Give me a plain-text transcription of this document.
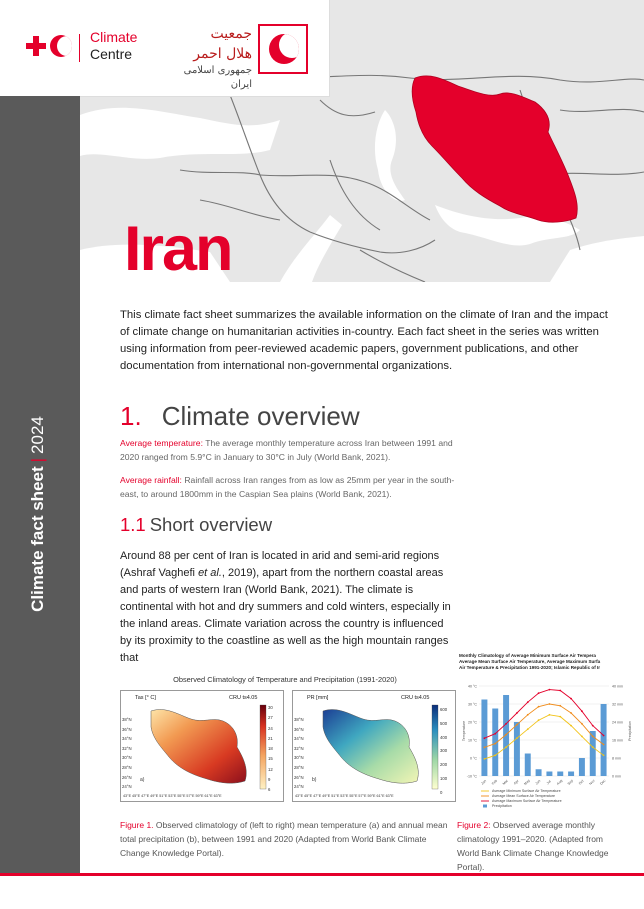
Climate
Centre
جمعیت هلال احمر
جمهوری اسلامی ایران
Iran
Climate fact sheet|2024
This climate fact sheet summarizes the available information on the climate of Iran and the impact of climate change on humanitarian activities in-country. Each fact sheet in the series was written using information from peer-reviewed academic papers, government publications, and other documentation from international non-governmental organizations.
1. Climate overview
Average temperature: The average monthly temperature across Iran between 1991 and 2020 ranged from 5.9°C in January to 30°C in July (World Bank, 2021).
Average rainfall: Rainfall across Iran ranges from as low as 25mm per year in the south-east, to around 1800mm in the Caspian Sea plains (World Bank, 2021).
1.1 Short overview
Around 88 per cent of Iran is located in arid and semi-arid regions (Ashraf Vaghefi et al., 2019), apart from the northern coastal areas and parts of western Iran (World Bank, 2021). The climate is continental with hot and dry summers and cold winters, especially in the inland areas. Climate variation across the country is influenced by its proximity to the coastline as well as the high mountain ranges that
Observed Climatology of Temperature and Precipitation (1991-2020)
a)
Tas [° C]	CRU ts4.05
38°N
36°N
34°N
32°N
30°N
28°N
26°N
24°N
30
27
24
21
18
15
12
9
6
43°E 45°E 47°E 49°E 51°E 53°E 55°E 57°E 59°E 61°E 63°E
b)
PR [mm]	CRU ts4.05
38°N
36°N
34°N
32°N
30°N
28°N
26°N
24°N
600
500
400
300
200
100
0
43°E 45°E 47°E 49°E 51°E 53°E 55°E 57°E 59°E 61°E 63°E
Figure 1. Observed climatology of (left to right) mean temperature (a) and annual mean total precipitation (b), between 1991 and 2020 (Adapted from World Bank Climate Change Knowledge Portal).
Monthly Climatology of Average Minimum Surface Air Tempera
Average Mean Surface Air Temperature, Average Maximum Surfa
Air Temperature & Precipitation 1991-2020; Islamic Republic of Ir
40 °C	40 mm
30 °C	32 mm
20 °C	24 mm
10 °C	16 mm
0 °C	8 mm
-10 °C	0 mm
Temperature	Precipitation
Jan Feb Mar Apr May Jun Jul Aug Sep Oct Nov Dec
Average Minimum Surface Air Temperature
Average Mean Surface Air Temperature
Average Maximum Surface Air Temperature
Precipitation
Figure 2: Observed average monthly climatology 1991–2020. (Adapted from World Bank Climate Change Knowledge Portal).
